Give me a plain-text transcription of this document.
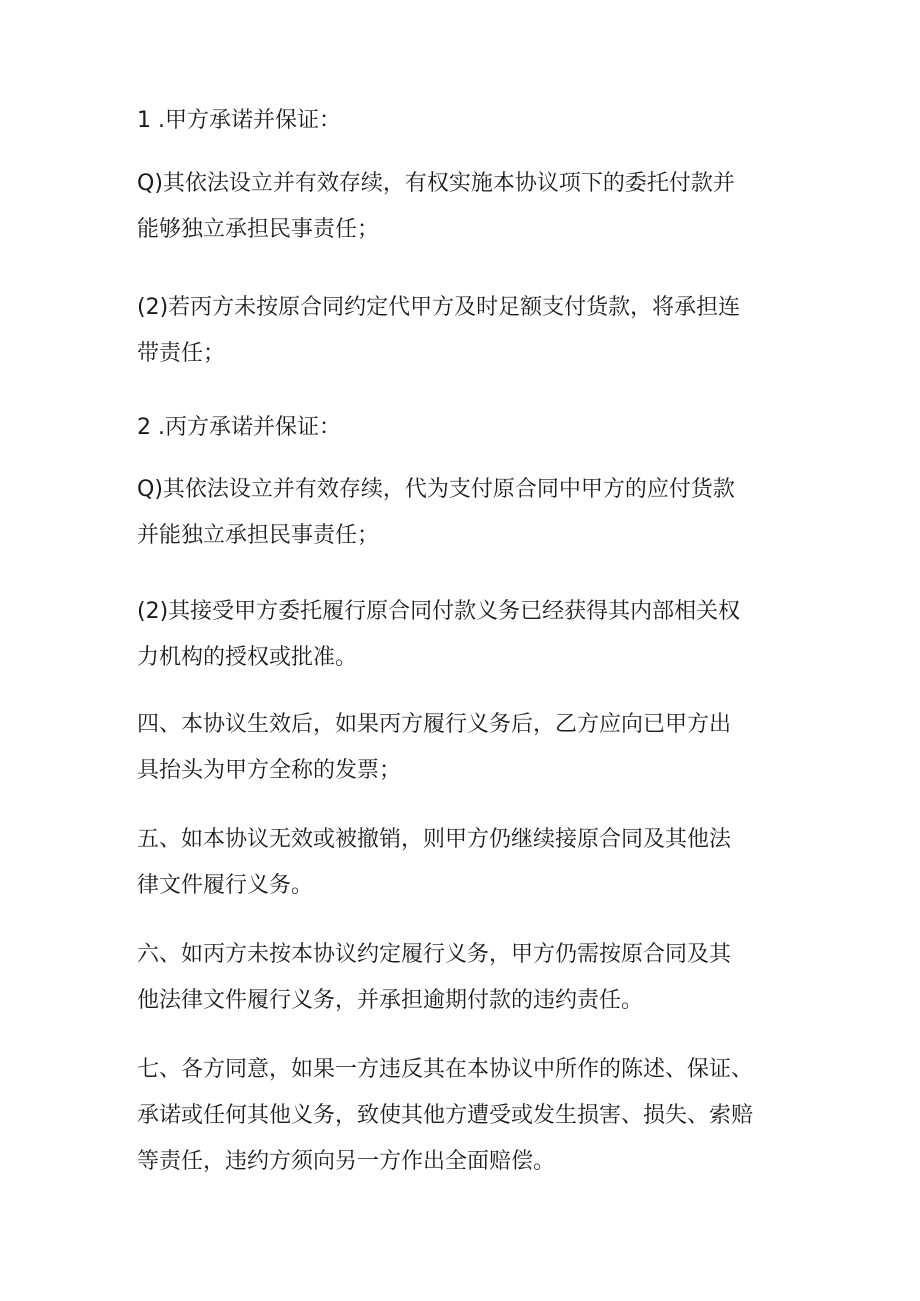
1 .甲方承诺并保证：

Q)其依法设立并有效存续，有权实施本协议项下的委托付款并
能够独立承担民事责任；

(2)若丙方未按原合同约定代甲方及时足额支付货款，将承担连
带责任；

2 .丙方承诺并保证：

Q)其依法设立并有效存续，代为支付原合同中甲方的应付货款
并能独立承担民事责任；

(2)其接受甲方委托履行原合同付款义务已经获得其内部相关权
力机构的授权或批准。

四、本协议生效后，如果丙方履行义务后，乙方应向已甲方出
具抬头为甲方全称的发票；

五、如本协议无效或被撤销，则甲方仍继续接原合同及其他法
律文件履行义务。

六、如丙方未按本协议约定履行义务，甲方仍需按原合同及其
他法律文件履行义务，并承担逾期付款的违约责任。

七、各方同意，如果一方违反其在本协议中所作的陈述、保证、
承诺或任何其他义务，致使其他方遭受或发生损害、损失、索赔
等责任，违约方须向另一方作出全面赔偿。
